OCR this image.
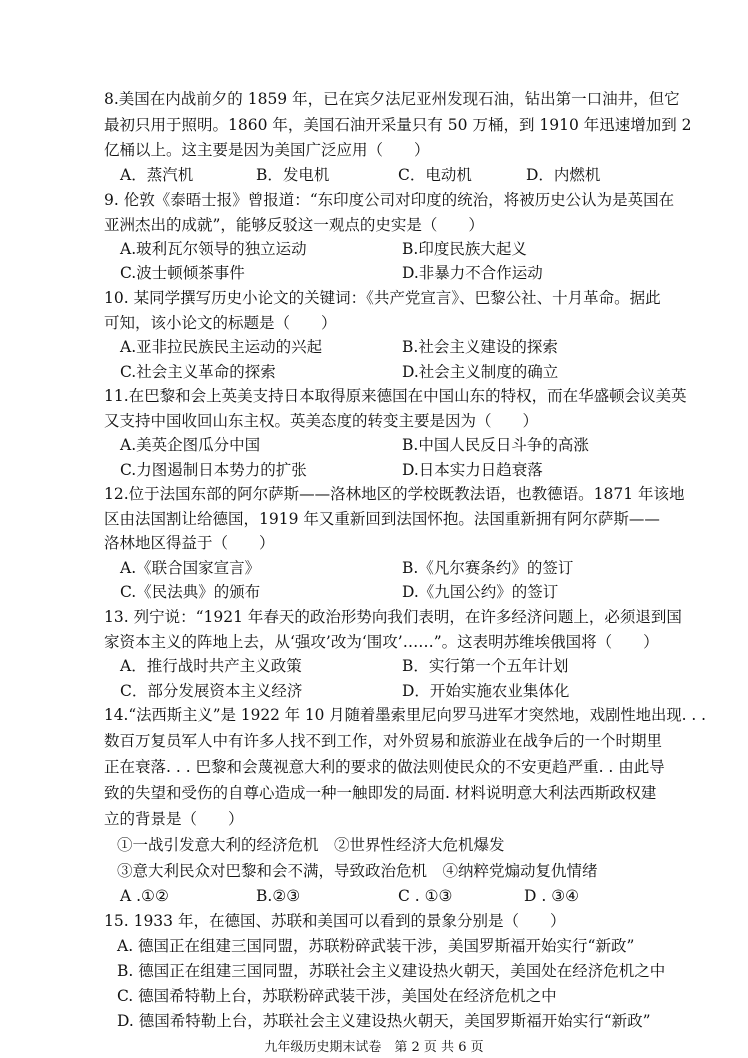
8.美国在内战前夕的 1859 年，已在宾夕法尼亚州发现石油，钻出第一口油井，但它
最初只用于照明。1860 年，美国石油开采量只有 50 万桶，到 1910 年迅速增加到 2
亿桶以上。这主要是因为美国广泛应用（　　）
A．蒸汽机	B．发电机	C．电动机	D．内燃机
9. 伦敦《泰晤士报》曾报道：“东印度公司对印度的统治，将被历史公认为是英国在
亚洲杰出的成就”，能够反驳这一观点的史实是（　　）
A.玻利瓦尔领导的独立运动	B.印度民族大起义
C.波士顿倾茶事件	D.非暴力不合作运动
10. 某同学撰写历史小论文的关键词：《共产党宣言》、巴黎公社、十月革命。据此
可知，该小论文的标题是（　　）
A.亚非拉民族民主运动的兴起	B.社会主义建设的探索
C.社会主义革命的探索	D.社会主义制度的确立
11.在巴黎和会上英美支持日本取得原来德国在中国山东的特权，而在华盛顿会议美英
又支持中国收回山东主权。英美态度的转变主要是因为（　　）
A.美英企图瓜分中国	B.中国人民反日斗争的高涨
C.力图遏制日本势力的扩张	D.日本实力日趋衰落
12.位于法国东部的阿尔萨斯——洛林地区的学校既教法语，也教德语。1871 年该地
区由法国割让给德国，1919 年又重新回到法国怀抱。法国重新拥有阿尔萨斯——
洛林地区得益于（　　）
A.《联合国家宣言》	B.《凡尔赛条约》的签订
C.《民法典》的颁布	D.《九国公约》的签订
13. 列宁说：“1921 年春天的政治形势向我们表明，在许多经济问题上，必须退到国
家资本主义的阵地上去，从‘强攻’改为‘围攻’……”。这表明苏维埃俄国将（　　）
A．推行战时共产主义政策	B．实行第一个五年计划
C．部分发展资本主义经济	D．开始实施农业集体化
14.“法西斯主义”是 1922 年 10 月随着墨索里尼向罗马进军才突然地，戏剧性地出现. . .
数百万复员军人中有许多人找不到工作，对外贸易和旅游业在战争后的一个时期里
正在衰落. . . 巴黎和会蔑视意大利的要求的做法则使民众的不安更趋严重. . 由此导
致的失望和受伤的自尊心造成一种一触即发的局面. 材料说明意大利法西斯政权建
立的背景是（　　）
①一战引发意大利的经济危机　②世界性经济大危机爆发
③意大利民众对巴黎和会不满，导致政治危机　④纳粹党煽动复仇情绪
A .①②	B.②③	C . ①③	D . ③④
15. 1933 年，在德国、苏联和美国可以看到的景象分别是（　　）
A. 德国正在组建三国同盟，苏联粉碎武装干涉，美国罗斯福开始实行“新政”
B. 德国正在组建三国同盟，苏联社会主义建设热火朝天，美国处在经济危机之中
C. 德国希特勒上台，苏联粉碎武装干涉，美国处在经济危机之中
D. 德国希特勒上台，苏联社会主义建设热火朝天，美国罗斯福开始实行“新政”
九年级历史期末试卷　第 2 页 共 6 页
